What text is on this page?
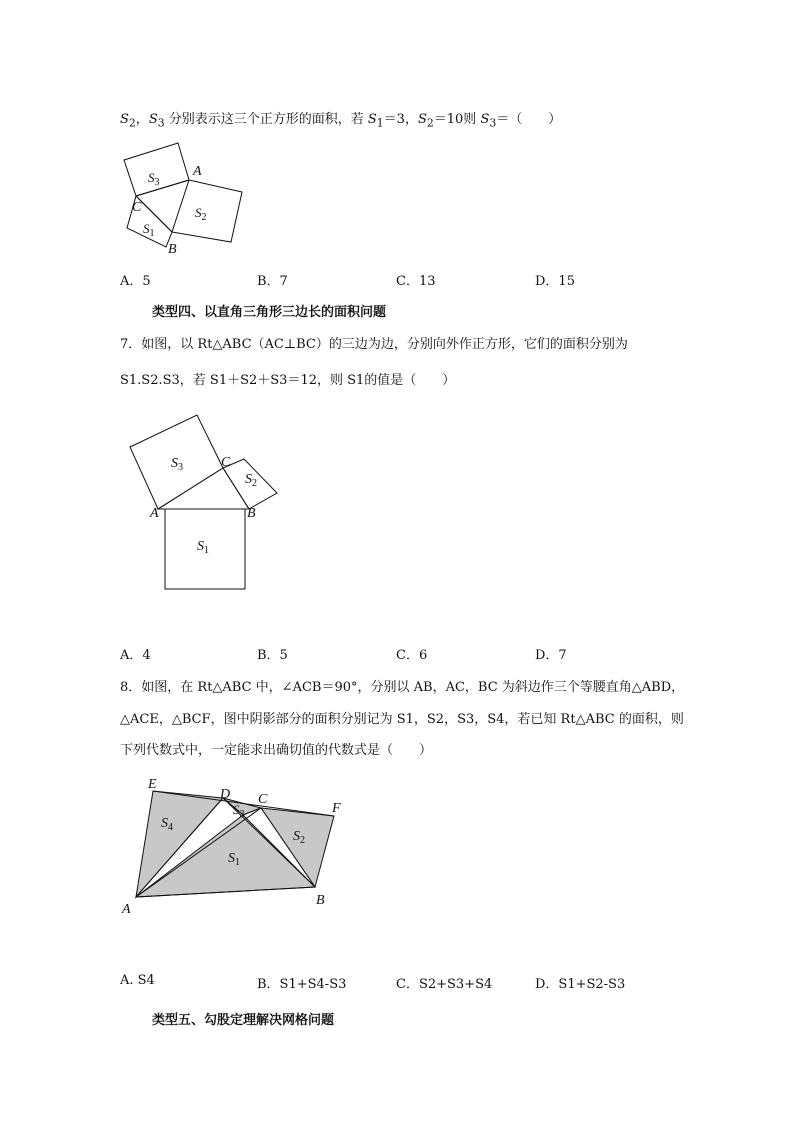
$S_2$，$S_3$ 分别表示这三个正方形的面积，若 $S_1=3$，$S_2=10$则 $S_3=$（　　）
$S_3$
$S_2$
$S_1$
A
B
C
A．5	B．7	C．13	D．15
类型四、以直角三角形三边长的面积问题
7．如图，以 Rt△ABC（AC⊥BC）的三边为边，分别向外作正方形，它们的面积分别为
S1.S2.S3，若 S1＋S2＋S3＝12，则 S1的值是（　　）
$S_3$
$S_2$
$S_1$
A	B
C
A．4	B．5	C．6	D．7
8．如图，在 Rt△ABC 中，∠ACB＝90°，分别以 AB，AC，BC 为斜边作三个等腰直角△ABD，
△ACE，△BCF，图中阴影部分的面积分别记为 S1，S2，S3，S4，若已知 Rt△ABC 的面积，则
下列代数式中，一定能求出确切值的代数式是（　　）
E
D C
F
A
B
$S_4$
$S_3$
$S_2$
$S_1$
A. S4	B．S1+S4-S3	C．S2+S3+S4	D．S1+S2-S3
类型五、勾股定理解决网格问题
